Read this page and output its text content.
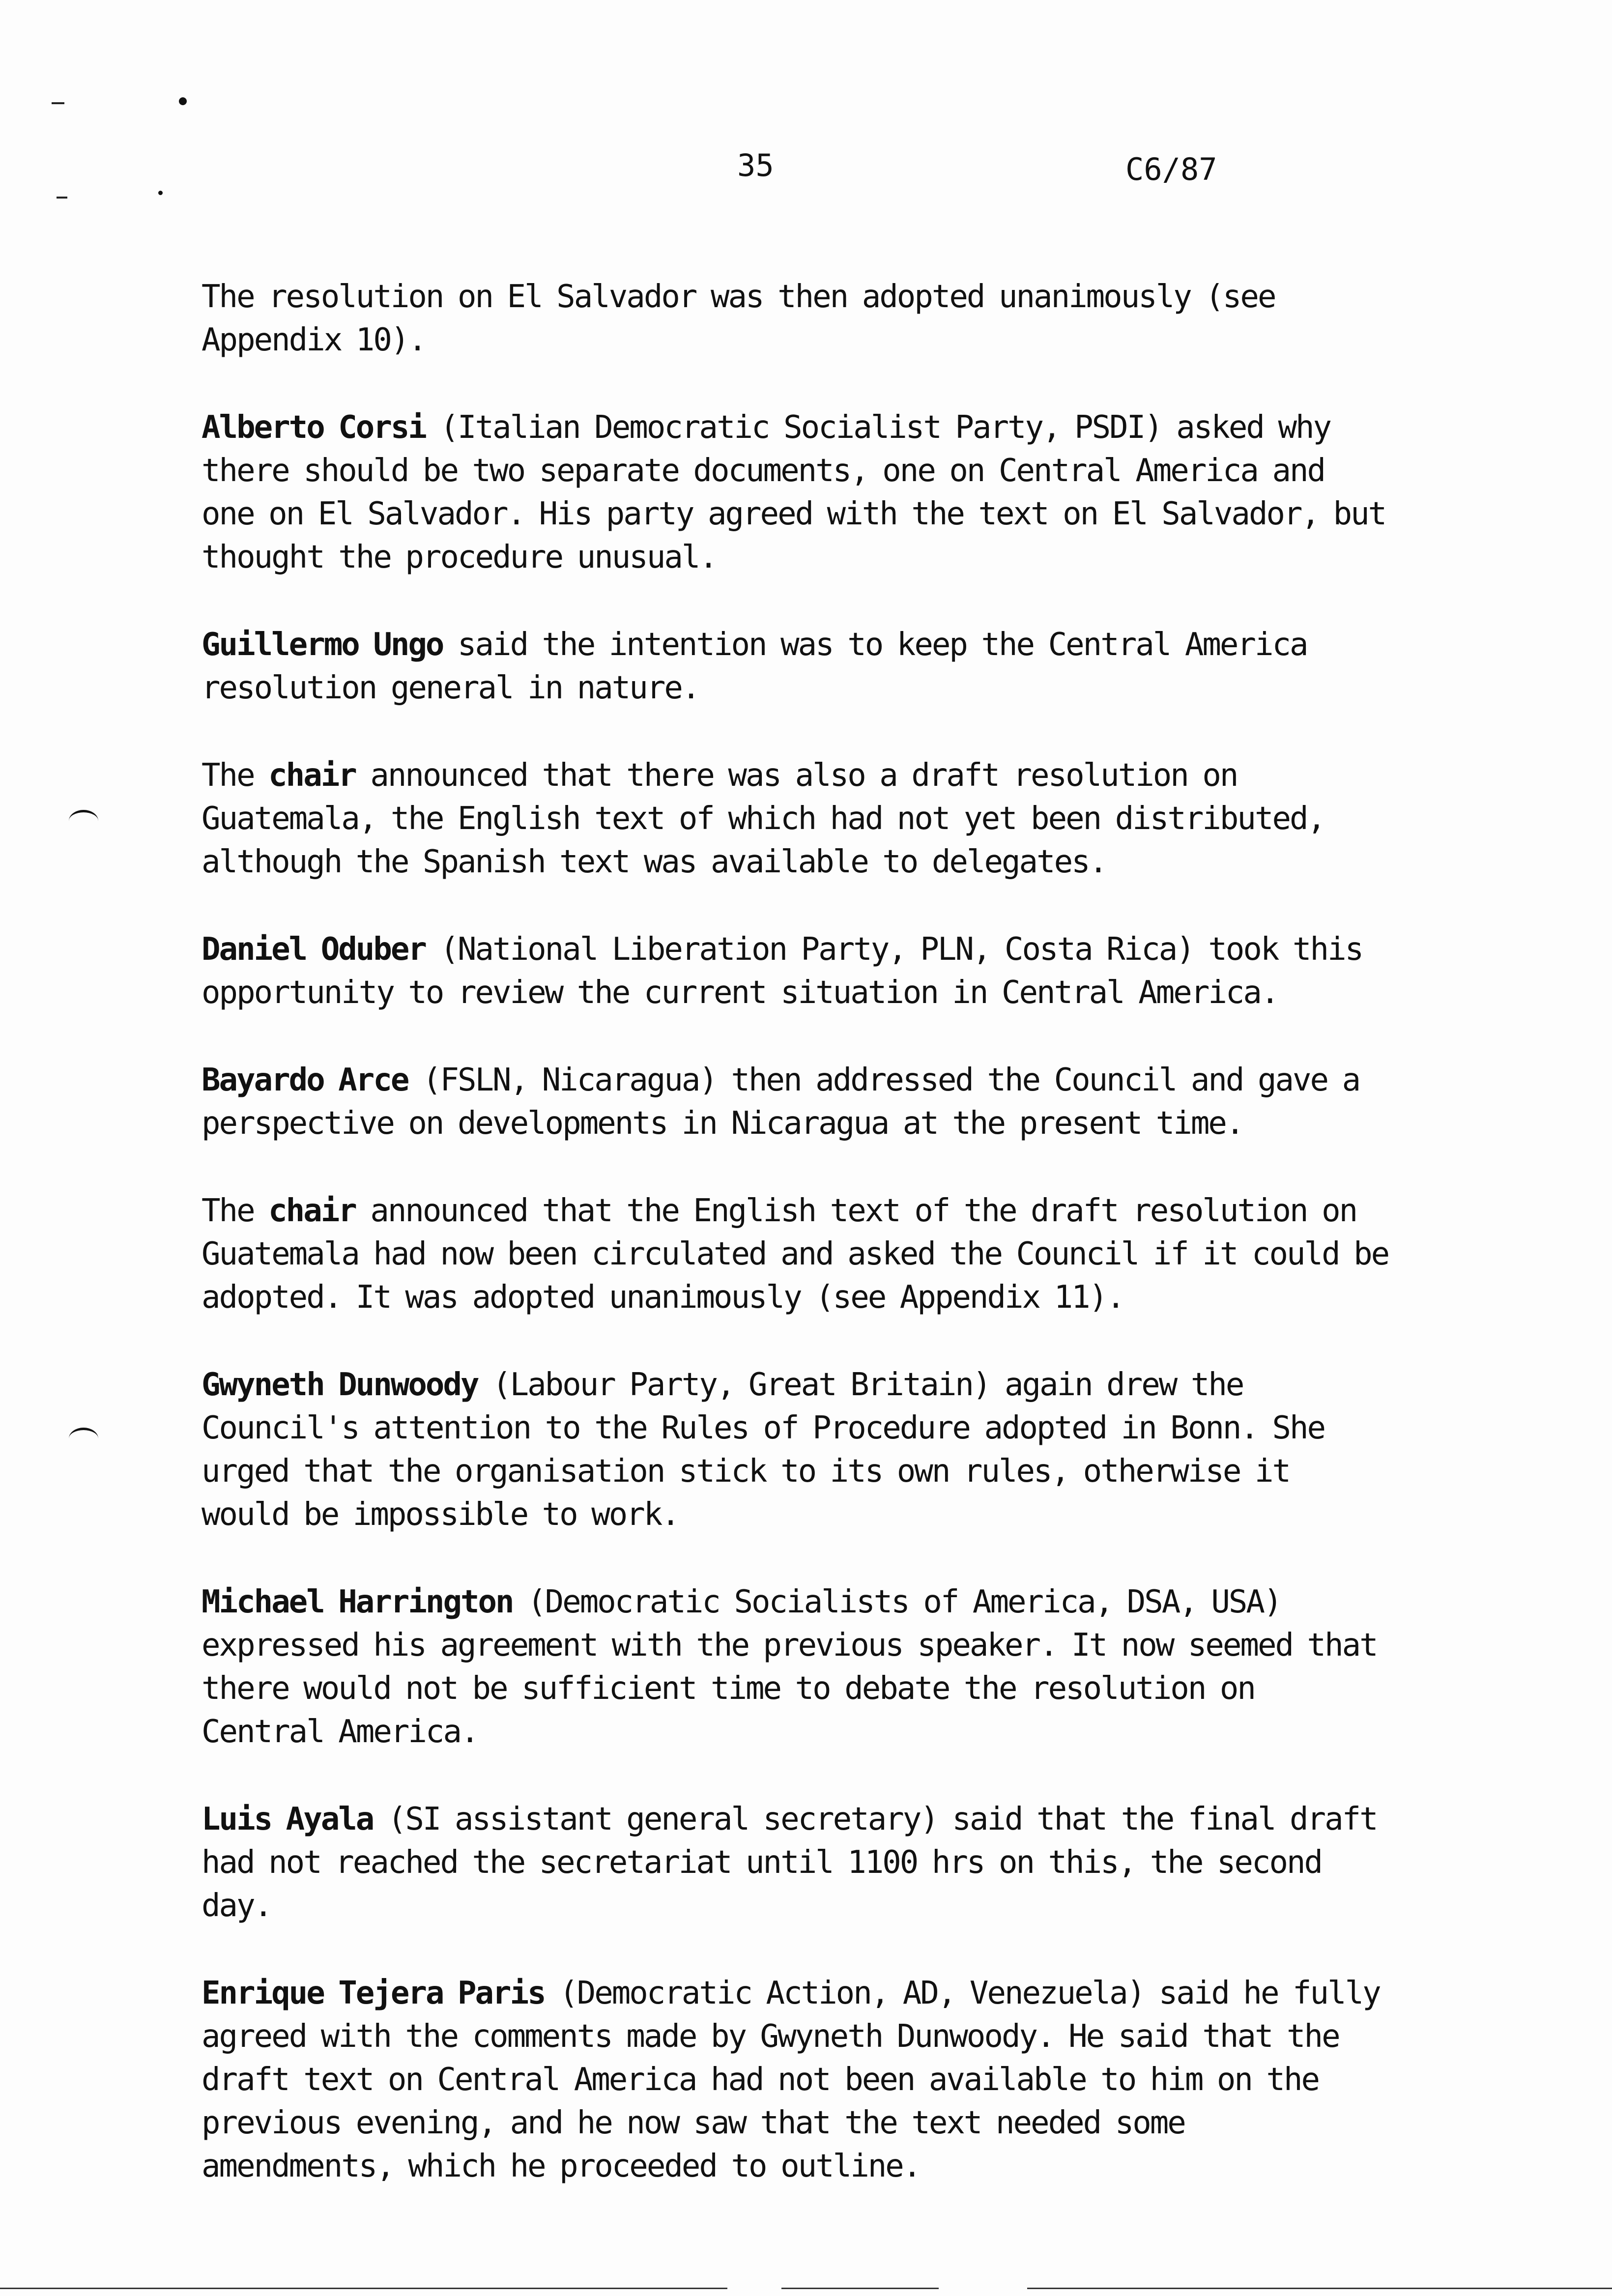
35	C6/87

The resolution on El Salvador was then adopted unanimously (see Appendix 10).

Alberto Corsi (Italian Democratic Socialist Party, PSDI) asked why there should be two separate documents, one on Central America and one on El Salvador. His party agreed with the text on El Salvador, but thought the procedure unusual.

Guillermo Ungo said the intention was to keep the Central America resolution general in nature.

The chair announced that there was also a draft resolution on Guatemala, the English text of which had not yet been distributed, although the Spanish text was available to delegates.

Daniel Oduber (National Liberation Party, PLN, Costa Rica) took this opportunity to review the current situation in Central America.

Bayardo Arce (FSLN, Nicaragua) then addressed the Council and gave a perspective on developments in Nicaragua at the present time.

The chair announced that the English text of the draft resolution on Guatemala had now been circulated and asked the Council if it could be adopted. It was adopted unanimously (see Appendix 11).

Gwyneth Dunwoody (Labour Party, Great Britain) again drew the Council's attention to the Rules of Procedure adopted in Bonn. She urged that the organisation stick to its own rules, otherwise it would be impossible to work.

Michael Harrington (Democratic Socialists of America, DSA, USA) expressed his agreement with the previous speaker. It now seemed that there would not be sufficient time to debate the resolution on Central America.

Luis Ayala (SI assistant general secretary) said that the final draft had not reached the secretariat until 1100 hrs on this, the second day.

Enrique Tejera Paris (Democratic Action, AD, Venezuela) said he fully agreed with the comments made by Gwyneth Dunwoody. He said that the draft text on Central America had not been available to him on the previous evening, and he now saw that the text needed some amendments, which he proceeded to outline.
